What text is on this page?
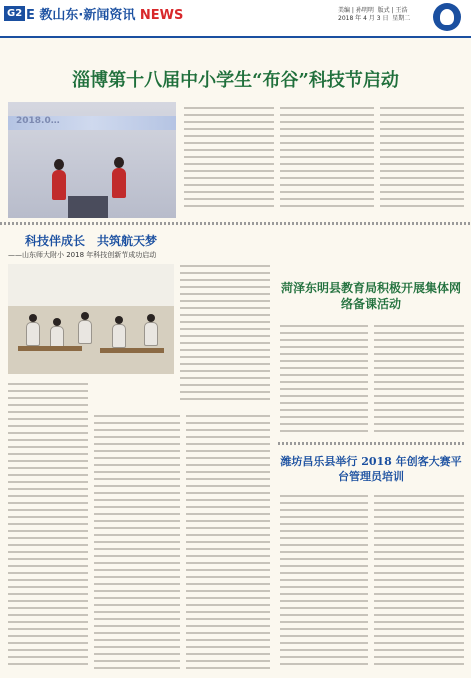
G2 E 教山东·新闻资讯 NEWS	美编 | 孙明明 版式 | 王浩
2018 年 4 月 3 日 星期二
淄博第十八届中小学生“布谷”科技节启动
2018.0…
科技伴成长　共筑航天梦
——山东师大附小 2018 年科技创新节成功启动
菏泽东明县教育局积极开展集体网络备课活动
潍坊昌乐县举行 2018 年创客大赛平台管理员培训
